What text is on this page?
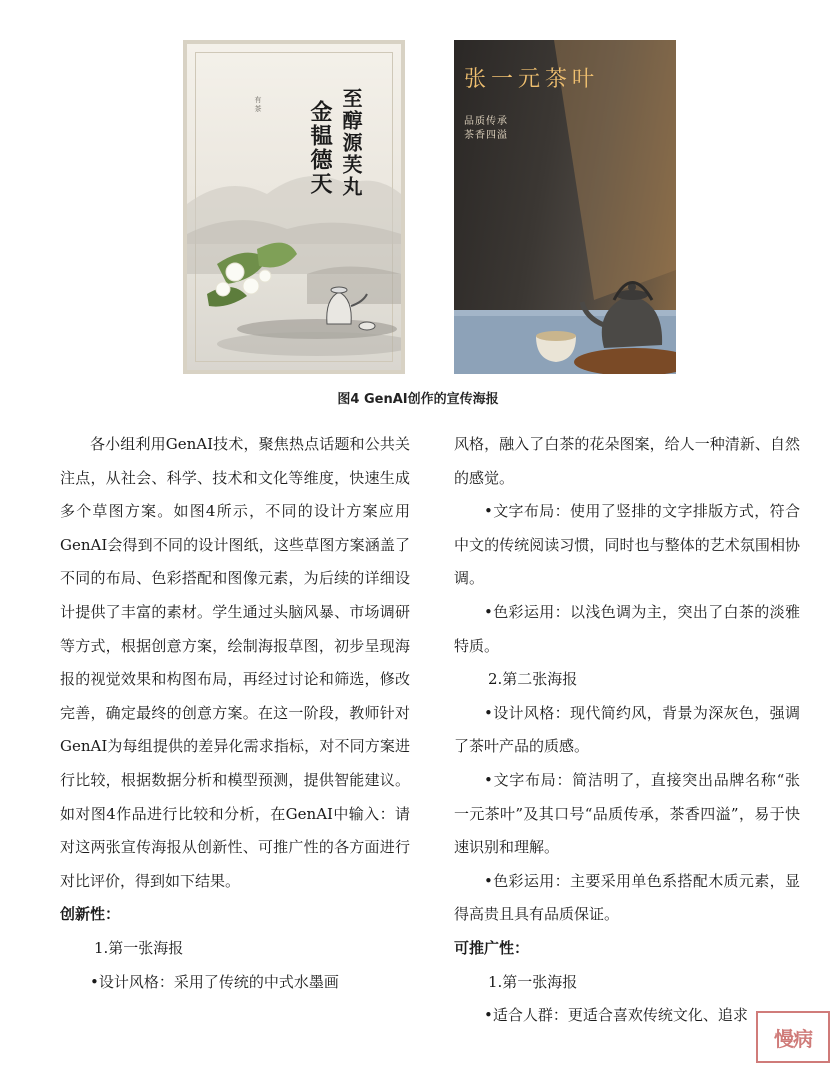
有茶 金韫德天 至醇源芙丸
张一元茶叶
品质传承
茶香四溢
图4 GenAI创作的宣传海报

各小组利用GenAI技术，聚焦热点话题和公共关注点，从社会、科学、技术和文化等维度，快速生成多个草图方案。如图4所示，不同的设计方案应用GenAI会得到不同的设计图纸，这些草图方案涵盖了不同的布局、色彩搭配和图像元素，为后续的详细设计提供了丰富的素材。学生通过头脑风暴、市场调研等方式，根据创意方案，绘制海报草图，初步呈现海报的视觉效果和构图布局，再经过讨论和筛选，修改完善，确定最终的创意方案。在这一阶段，教师针对GenAI为每组提供的差异化需求指标，对不同方案进行比较，根据数据分析和模型预测，提供智能建议。如对图4作品进行比较和分析，在GenAI中输入：请对这两张宣传海报从创新性、可推广性的各方面进行对比评价，得到如下结果。

创新性：

1.第一张海报

•设计风格：采用了传统的中式水墨画

风格，融入了白茶的花朵图案，给人一种清新、自然的感觉。

•文字布局：使用了竖排的文字排版方式，符合中文的传统阅读习惯，同时也与整体的艺术氛围相协调。

•色彩运用：以浅色调为主，突出了白茶的淡雅特质。

2.第二张海报

•设计风格：现代简约风，背景为深灰色，强调了茶叶产品的质感。

•文字布局：简洁明了，直接突出品牌名称“张一元茶叶”及其口号“品质传承，茶香四溢”，易于快速识别和理解。

•色彩运用：主要采用单色系搭配木质元素，显得高贵且具有品质保证。

可推广性：

1.第一张海报

•适合人群：更适合喜欢传统文化、追求

慢病
